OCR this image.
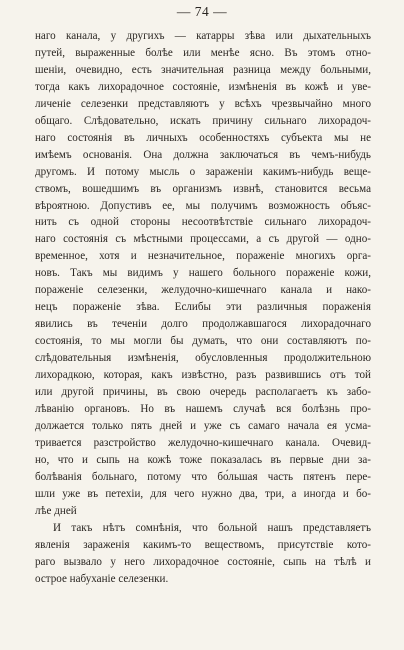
— 74 —
наго канала, у другихъ — катарры зѣва или дыхательныхъ
путей, выраженные болѣе или менѣе ясно. Въ этомъ отно-
шеніи, очевидно, есть значительная разница между больными,
тогда какъ лихорадочное состояніе, измѣненія въ кожѣ и уве-
личеніе селезенки представляютъ у всѣхъ чрезвычайно много
общаго. Слѣдовательно, искать причину сильнаго лихорадоч-
наго состоянія въ личныхъ особенностяхъ субъекта мы не
имѣемъ основанія. Она должна заключаться въ чемъ-нибудь
другомъ. И потому мысль о зараженіи какимъ-нибудь веще-
ствомъ, вошедшимъ въ организмъ извнѣ, становится весьма
вѣроятною. Допустивъ ее, мы получимъ возможность объяс-
нить съ одной стороны несоотвѣтствіе сильнаго лихорадоч-
наго состоянія съ мѣстными процессами, а съ другой — одно-
временное, хотя и незначительное, пораженіе многихъ орга-
новъ. Такъ мы видимъ у нашего больного пораженіе кожи,
пораженіе селезенки, желудочно-кишечнаго канала и нако-
нецъ пораженіе зѣва. Еслибы эти различныя пораженія
явились въ теченіи долго продолжавшагося лихорадочнаго
состоянія, то мы могли бы думать, что они составляютъ по-
слѣдовательныя измѣненія, обусловленныя продолжительною
лихорадкою, которая, какъ извѣстно, разъ развившись отъ той
или другой причины, въ свою очередь располагаетъ къ забо-
лѣванію органовъ. Но въ нашемъ случаѣ вся болѣзнь про-
должается только пять дней и уже съ самаго начала ея усма-
тривается разстройство желудочно-кишечнаго канала. Очевид-
но, что и сыпь на кожѣ тоже показалась въ первые дни за-
болѣванія больнаго, потому что бо́льшая часть пятенъ пере-
шли уже въ петехіи, для чего нужно два, три, а иногда и бо-
лѣе дней
И такъ нѣтъ сомнѣнія, что больной нашъ представляетъ
явленія зараженія какимъ-то веществомъ, присутствіе кото-
раго вызвало у него лихорадочное состояніе, сыпь на тѣлѣ и
острое набуханіе селезенки.
